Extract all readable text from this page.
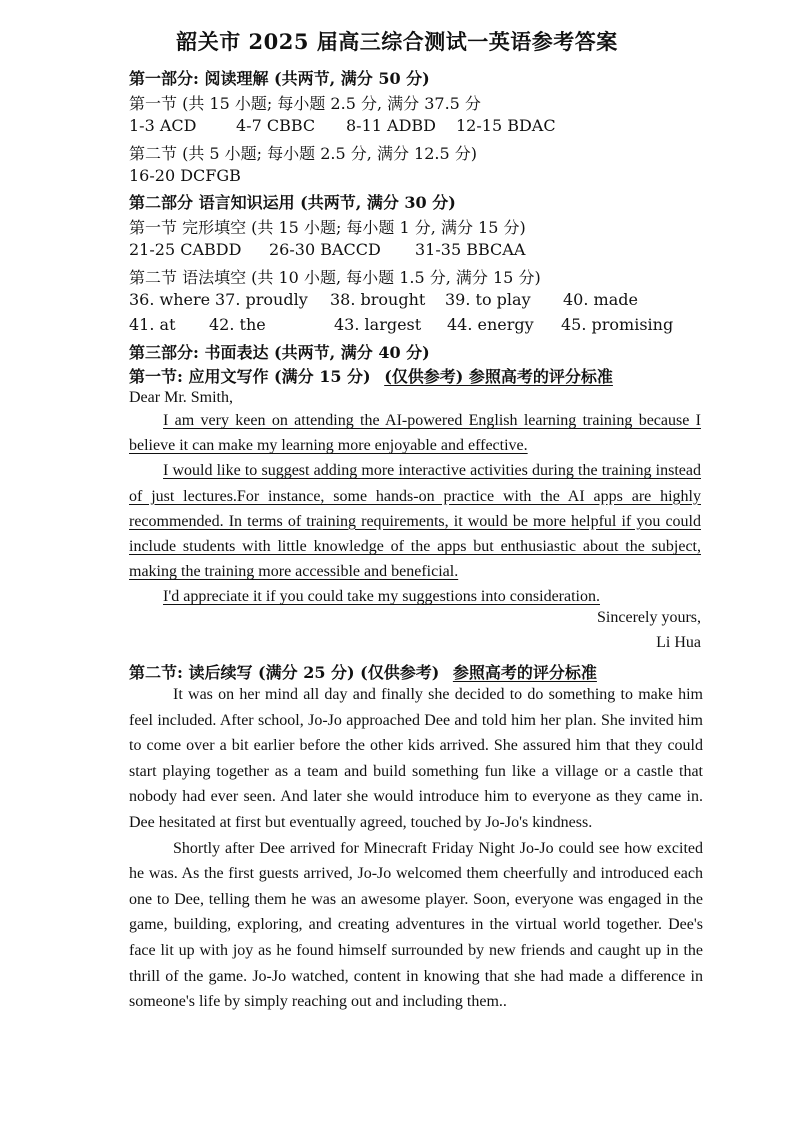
韶关市 2025 届高三综合测试一英语参考答案
第一部分: 阅读理解 (共两节, 满分 50 分)
第一节 (共 15 小题; 每小题 2.5 分, 满分 37.5 分
1-3 ACD 4-7 CBBC 8-11 ADBD 12-15 BDAC
第二节 (共 5 小题; 每小题 2.5 分, 满分 12.5 分)
16-20 DCFGB
第二部分 语言知识运用 (共两节, 满分 30 分)
第一节 完形填空 (共 15 小题; 每小题 1 分, 满分 15 分)
21-25 CABDD 26-30 BACCD 31-35 BBCAA
第二节 语法填空 (共 10 小题, 每小题 1.5 分, 满分 15 分)
36. where 37. proudly 38. brought 39. to play 40. made
41. at 42. the	43. largest 44. energy 45. promising
第三部分: 书面表达 (共两节, 满分 40 分)
第一节: 应用文写作 (满分 15 分) (仅供参考) 参照高考的评分标准
Dear Mr. Smith,

I am very keen on attending the AI-powered English learning training because I believe it can make my learning more enjoyable and effective.

I would like to suggest adding more interactive activities during the training instead of just lectures.For instance, some hands-on practice with the AI apps are highly recommended. In terms of training requirements, it would be more helpful if you could include students with little knowledge of the apps but enthusiastic about the subject, making the training more accessible and beneficial.

I'd appreciate it if you could take my suggestions into consideration.

Sincerely yours,
Li Hua
第二节: 读后续写 (满分 25 分) (仅供参考) 参照高考的评分标准

It was on her mind all day and finally she decided to do something to make him feel included. After school, Jo-Jo approached Dee and told him her plan. She invited him to come over a bit earlier before the other kids arrived. She assured him that they could start playing together as a team and build something fun like a village or a castle that nobody had ever seen. And later she would introduce him to everyone as they came in. Dee hesitated at first but eventually agreed, touched by Jo-Jo's kindness.

Shortly after Dee arrived for Minecraft Friday Night Jo-Jo could see how excited he was. As the first guests arrived, Jo-Jo welcomed them cheerfully and introduced each one to Dee, telling them he was an awesome player. Soon, everyone was engaged in the game, building, exploring, and creating adventures in the virtual world together. Dee's face lit up with joy as he found himself surrounded by new friends and caught up in the thrill of the game. Jo-Jo watched, content in knowing that she had made a difference in someone's life by simply reaching out and including them..
